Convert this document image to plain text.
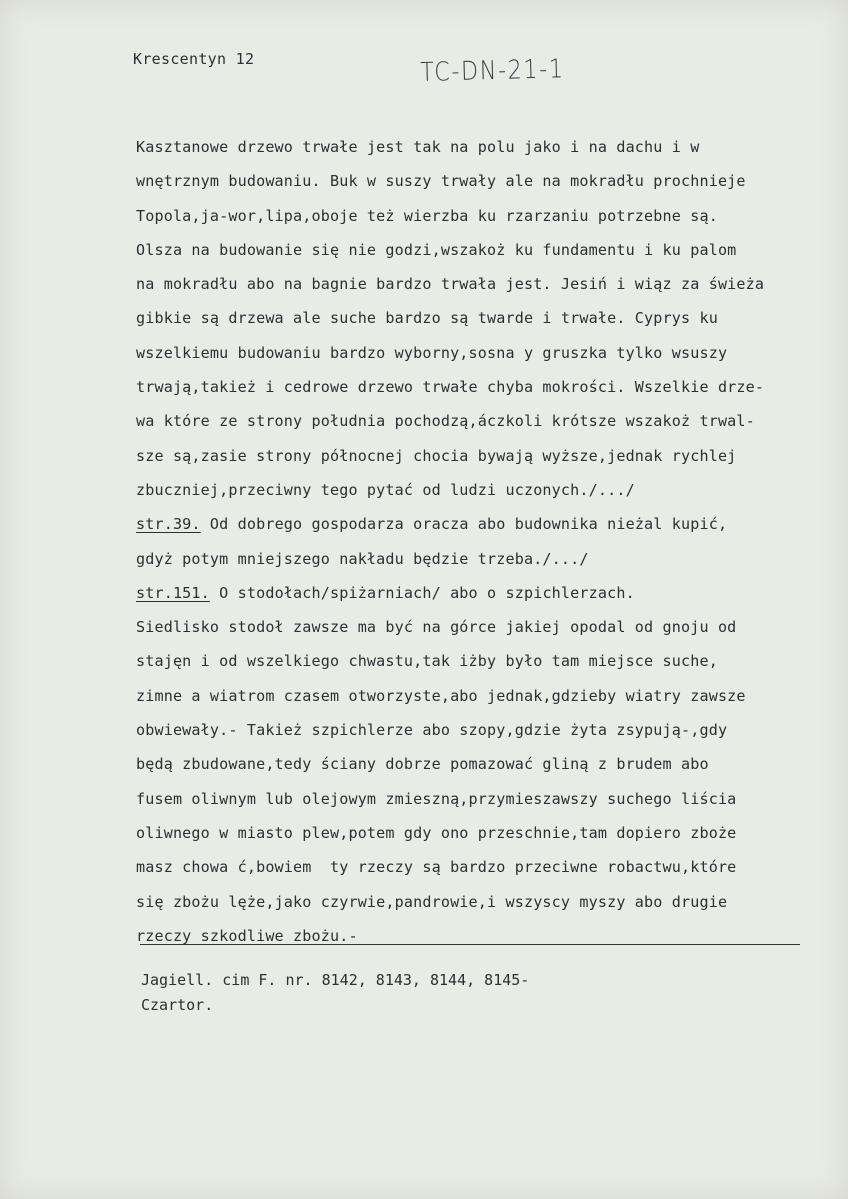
Krescentyn 12	TC-DN-21-1
Kasztanowe drzewo trwałe jest tak na polu jako i na dachu i w
wnętrznym budowaniu. Buk w suszy trwały ale na mokradłu prochnieje
Topola,ja-wor,lipa,oboje też wierzba ku rzarzaniu potrzebne są.
Olsza na budowanie się nie godzi,wszakoż ku fundamentu i ku palom
na mokradłu abo na bagnie bardzo trwała jest. Jesiń i wiąz za świeża
gibkie są drzewa ale suche bardzo są twarde i trwałe. Cyprys ku
wszelkiemu budowaniu bardzo wyborny,sosna y gruszka tylko wsuszy
trwają,takież i cedrowe drzewo trwałe chyba mokrości. Wszelkie drze-
wa które ze strony południa pochodzą,áczkoli krótsze wszakoż trwal-
sze są,zasie strony północnej chocia bywają wyższe,jednak rychlej
zbuczniej,przeciwny tego pytać od ludzi uczonych./.../
str.39. Od dobrego gospodarza oracza abo budownika nieżal kupić,
gdyż potym mniejszego nakładu będzie trzeba./.../
str.151. O stodołach/spiżarniach/ abo o szpichlerzach.
Siedlisko stodoł zawsze ma być na górce jakiej opodal od gnoju od
stajęn i od wszelkiego chwastu,tak iżby było tam miejsce suche,
zimne a wiatrom czasem otworzyste,abo jednak,gdzieby wiatry zawsze
obwiewały.- Takież szpichlerze abo szopy,gdzie żyta zsypują-,gdy
będą zbudowane,tedy ściany dobrze pomazować gliną z brudem abo
fusem oliwnym lub olejowym zmieszną,przymieszawszy suchego liścia
oliwnego w miasto plew,potem gdy ono przeschnie,tam dopiero zboże
masz chowa ć,bowiem  ty rzeczy są bardzo przeciwne robactwu,które
się zbożu lęże,jako czyrwie,pandrowie,i wszyscy myszy abo drugie
rzeczy szkodliwe zbożu.-
Jagiell. cim F. nr. 8142, 8143, 8144, 8145-
Czartor.
